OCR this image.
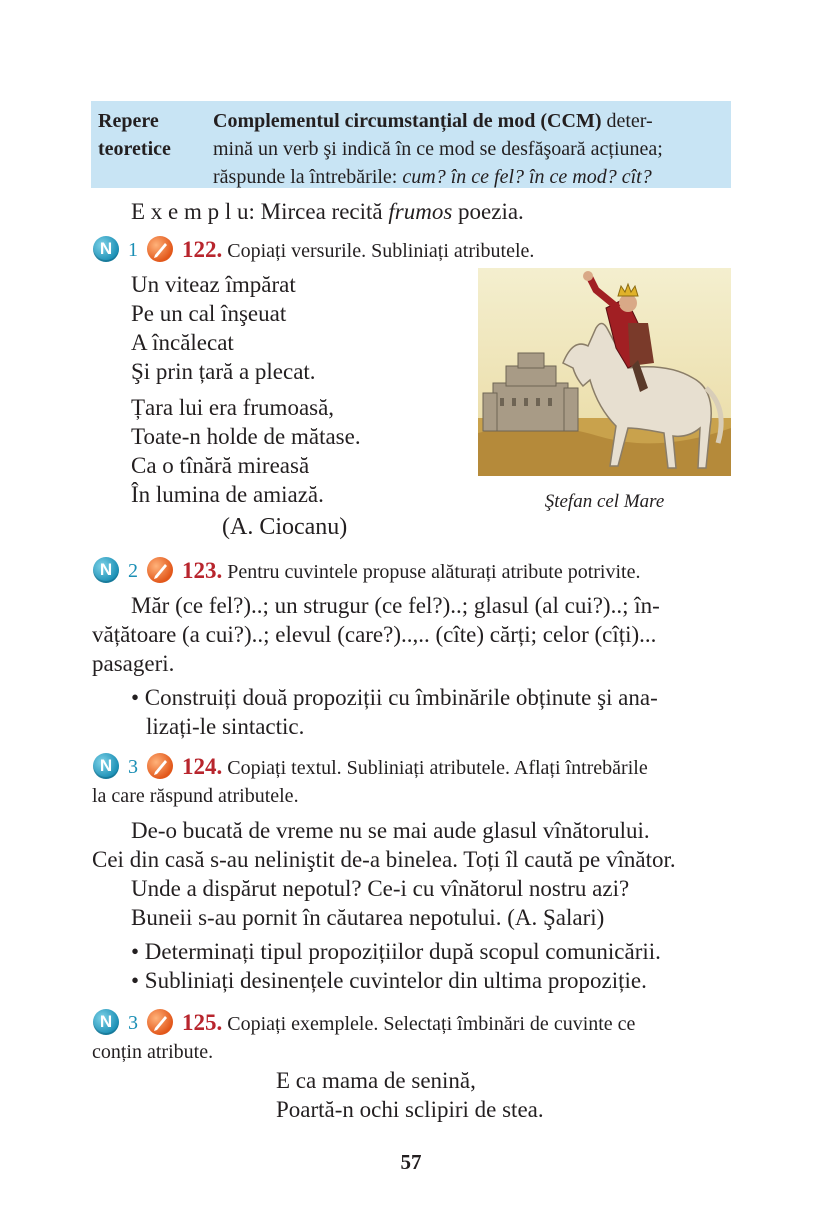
Repere teoretice
Complementul circumstanțial de mod (CCM) deter-
mină un verb şi indică în ce mod se desfăşoară acțiunea;
răspunde la întrebările: cum? în ce fel? în ce mod? cît?
E x e m p l u: Mircea recită frumos poezia.
N 1 122. Copiați versurile. Subliniați atributele.
Un viteaz împărat
Pe un cal înşeuat
A încălecat
Şi prin țară a plecat.
Țara lui era frumoasă,
Toate-n holde de mătase.
Ca o tînără mireasă
În lumina de amiază.
(A. Ciocanu)
Ştefan cel Mare
N 2 123. Pentru cuvintele propuse alăturați atribute potrivite.
Măr (ce fel?)..; un strugur (ce fel?)..; glasul (al cui?)..; în-
vățătoare (a cui?)..; elevul (care?)..,.. (cîte) cărți; celor (cîți)...
pasageri.
• Construiți două propoziții cu îmbinările obținute şi ana-
lizați-le sintactic.
N 3 124. Copiați textul. Subliniați atributele. Aflați întrebările
la care răspund atributele.
De-o bucată de vreme nu se mai aude glasul vînătorului.
Cei din casă s-au neliniştit de-a binelea. Toți îl caută pe vînător.
Unde a dispărut nepotul? Ce-i cu vînătorul nostru azi?
Buneii s-au pornit în căutarea nepotului. (A. Şalari)
• Determinați tipul propozițiilor după scopul comunicării.
• Subliniați desinențele cuvintelor din ultima propoziție.
N 3 125. Copiați exemplele. Selectați îmbinări de cuvinte ce
conțin atribute.
E ca mama de senină,
Poartă-n ochi sclipiri de stea.
57
